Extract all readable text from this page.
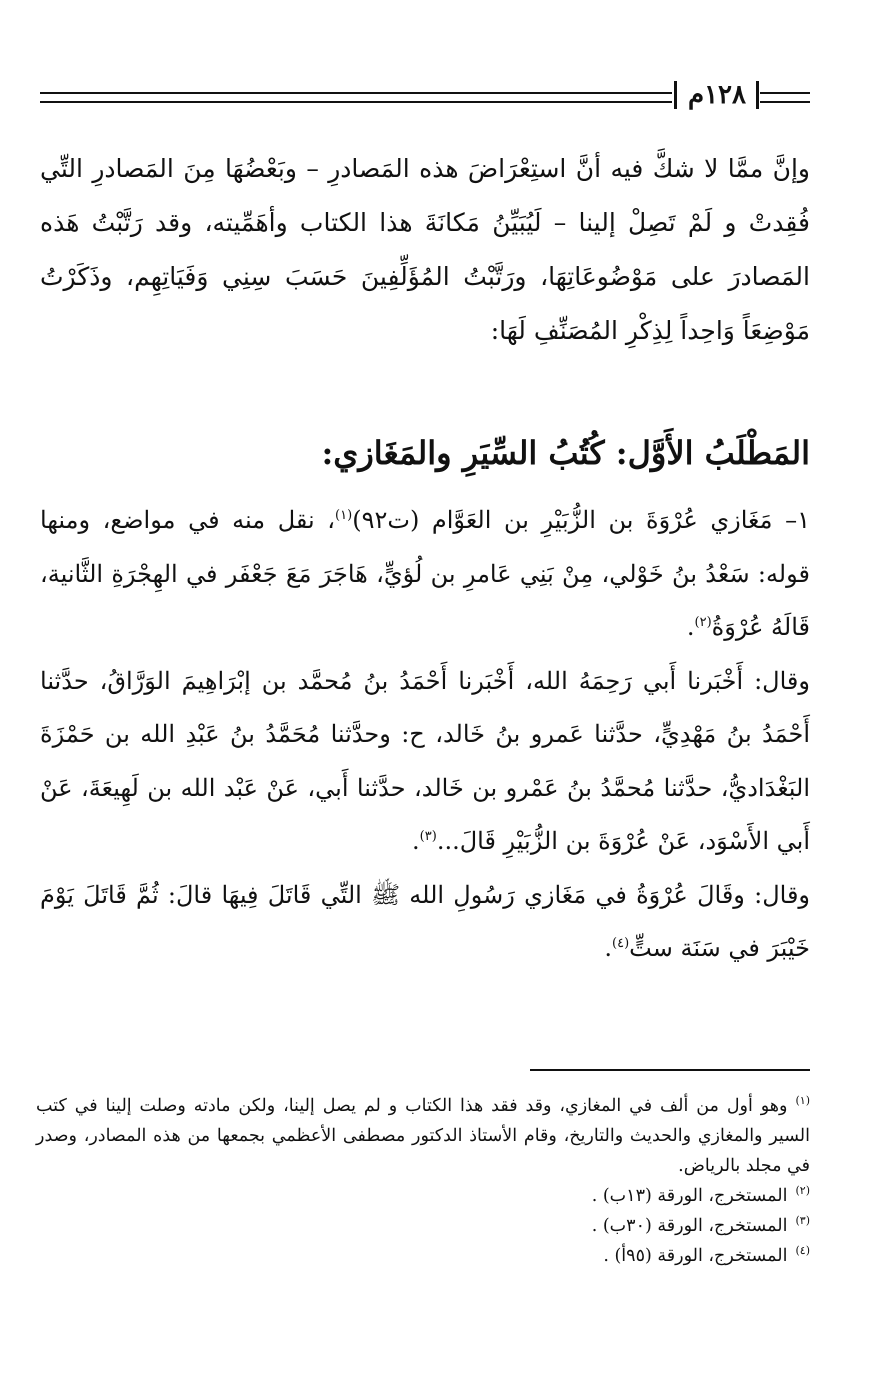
١٢٨م
وإنَّ ممَّا لا شكَّ فيه أنَّ استِعْرَاضَ هذه المَصادرِ – وبَعْضُهَا مِنَ المَصادرِ التِّي فُقِدتْ و لَمْ تَصِلْ إلينا – لَيُبَيِّنُ مَكانَةَ هذا الكتاب وأهَمِّيته، وقد رَتَّبْتُ هَذه المَصادرَ على مَوْضُوعَاتِهَا، ورَتَّبْتُ المُؤَلِّفِينَ حَسَبَ سِنِي وَفَيَاتِهِم، وذَكَرْتُ مَوْضِعَاً وَاحِداً لِذِكْرِ المُصَنِّفِ لَهَا:
المَطْلَبُ الأَوَّل: كُتُبُ السِّيَرِ والمَغَازي:

١– مَغَازي عُرْوَةَ بن الزُّبَيْرِ بن العَوَّام (ت٩٢)$^{(١)}$، نقل منه في مواضع، ومنها قوله: سَعْدُ بنُ خَوْلي، مِنْ بَنِي عَامرِ بن لُؤيٍّ، هَاجَرَ مَعَ جَعْفَر في الهِجْرَةِ الثَّانية، قَالَهُ عُرْوَةُ$^{(٢)}$.

وقال: أَخْبَرنا أَبي رَحِمَهُ الله، أَخْبَرنا أَحْمَدُ بنُ مُحمَّد بن إبْرَاهِيمَ الوَرَّاقُ، حدَّثنا أَحْمَدُ بنُ مَهْدِيٍّ، حدَّثنا عَمرو بنُ خَالد، ح: وحدَّثنا مُحَمَّدُ بنُ عَبْدِ الله بن حَمْزَةَ البَغْدَاديُّ، حدَّثنا مُحمَّدُ بنُ عَمْرو بن خَالد، حدَّثنا أَبي، عَنْ عَبْد الله بن لَهِيعَةَ، عَنْ أَبي الأَسْوَد، عَنْ عُرْوَةَ بن الزُّبَيْرِ قَالَ...$^{(٣)}$.

وقال: وقَالَ عُرْوَةُ في مَغَازي رَسُولِ الله ﷺ التِّي قَاتَلَ فِيهَا قالَ: ثُمَّ قَاتَلَ يَوْمَ خَيْبَرَ في سَنَة ستٍّ$^{(٤)}$.

$^{(١)}$وهو أول من ألف في المغازي، وقد فقد هذا الكتاب و لم يصل إلينا، ولكن مادته وصلت إلينا في كتب السير والمغازي والحديث والتاريخ، وقام الأستاذ الدكتور مصطفى الأعظمي بجمعها من هذه المصادر، وصدر في مجلد بالرياض.

$^{(٢)}$المستخرج، الورقة (١٣ب) .

$^{(٣)}$المستخرج، الورقة (٣٠ب) .

$^{(٤)}$المستخرج، الورقة (٩٥أ) .
